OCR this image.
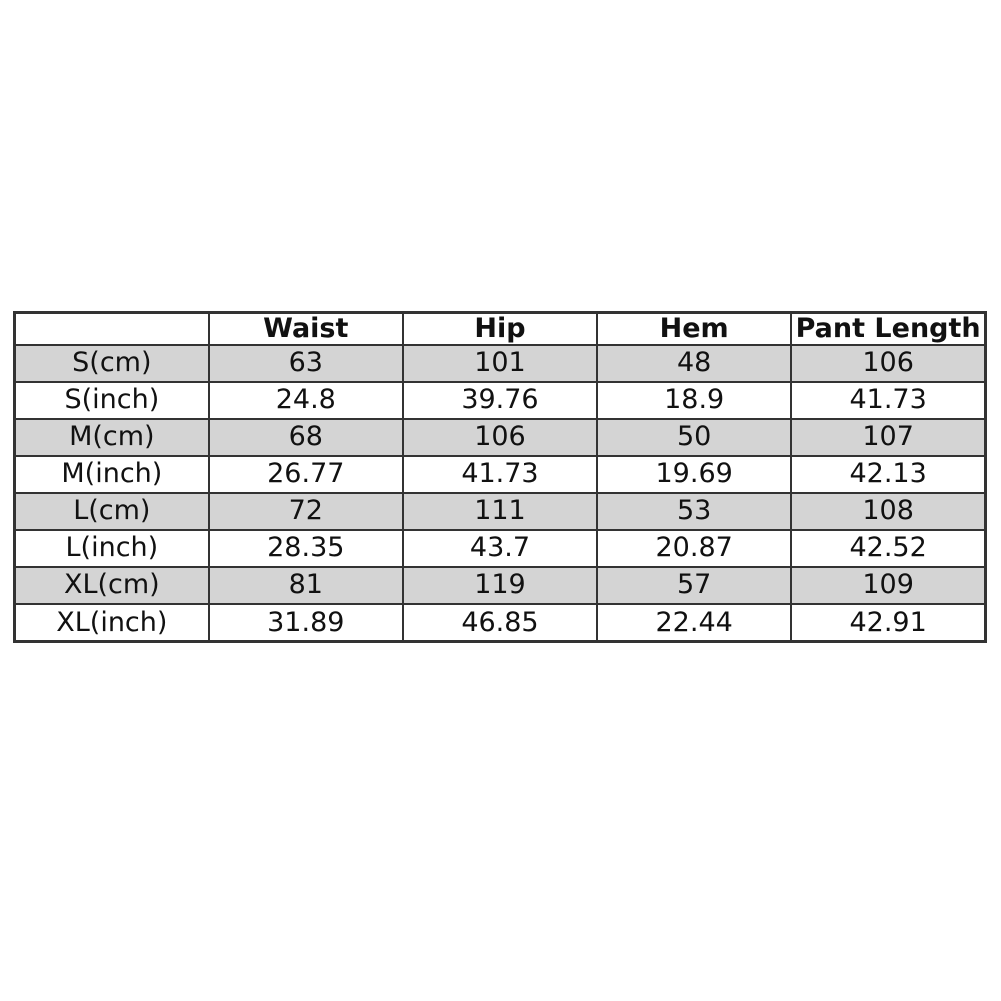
	Waist	Hip	Hem	Pant Length
S(cm)	63	101	48	106
S(inch)	24.8	39.76	18.9	41.73
M(cm)	68	106	50	107
M(inch)	26.77	41.73	19.69	42.13
L(cm)	72	111	53	108
L(inch)	28.35	43.7	20.87	42.52
XL(cm)	81	119	57	109
XL(inch)	31.89	46.85	22.44	42.91
